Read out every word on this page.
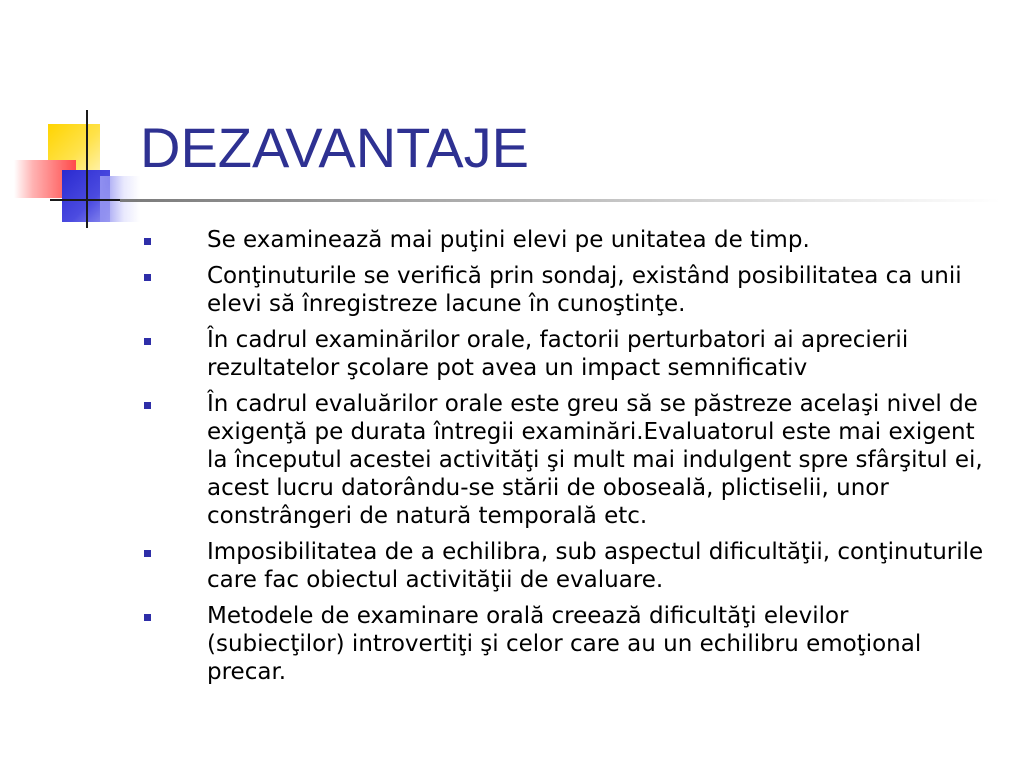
DEZAVANTAJE
Se examinează mai puţini elevi pe unitatea de timp.
Conţinuturile se verifică prin sondaj, existând posibilitatea ca unii elevi să înregistreze lacune în cunoştinţe.
În cadrul examinărilor orale, factorii perturbatori ai aprecierii rezultatelor şcolare pot avea un impact semnificativ
În cadrul evaluărilor orale este greu să se păstreze acelaşi nivel de exigenţă pe durata întregii examinări.Evaluatorul este mai exigent la începutul acestei activităţi şi mult mai indulgent spre sfârşitul ei, acest lucru datorându-se stării de oboseală, plictiselii, unor constrângeri de natură temporală etc.
Imposibilitatea de a echilibra, sub aspectul dificultăţii, conţinuturile care fac obiectul activităţii de evaluare.
Metodele de examinare orală creează dificultăţi elevilor (subiecţilor) introvertiţi şi celor care au un echilibru emoţional precar.
